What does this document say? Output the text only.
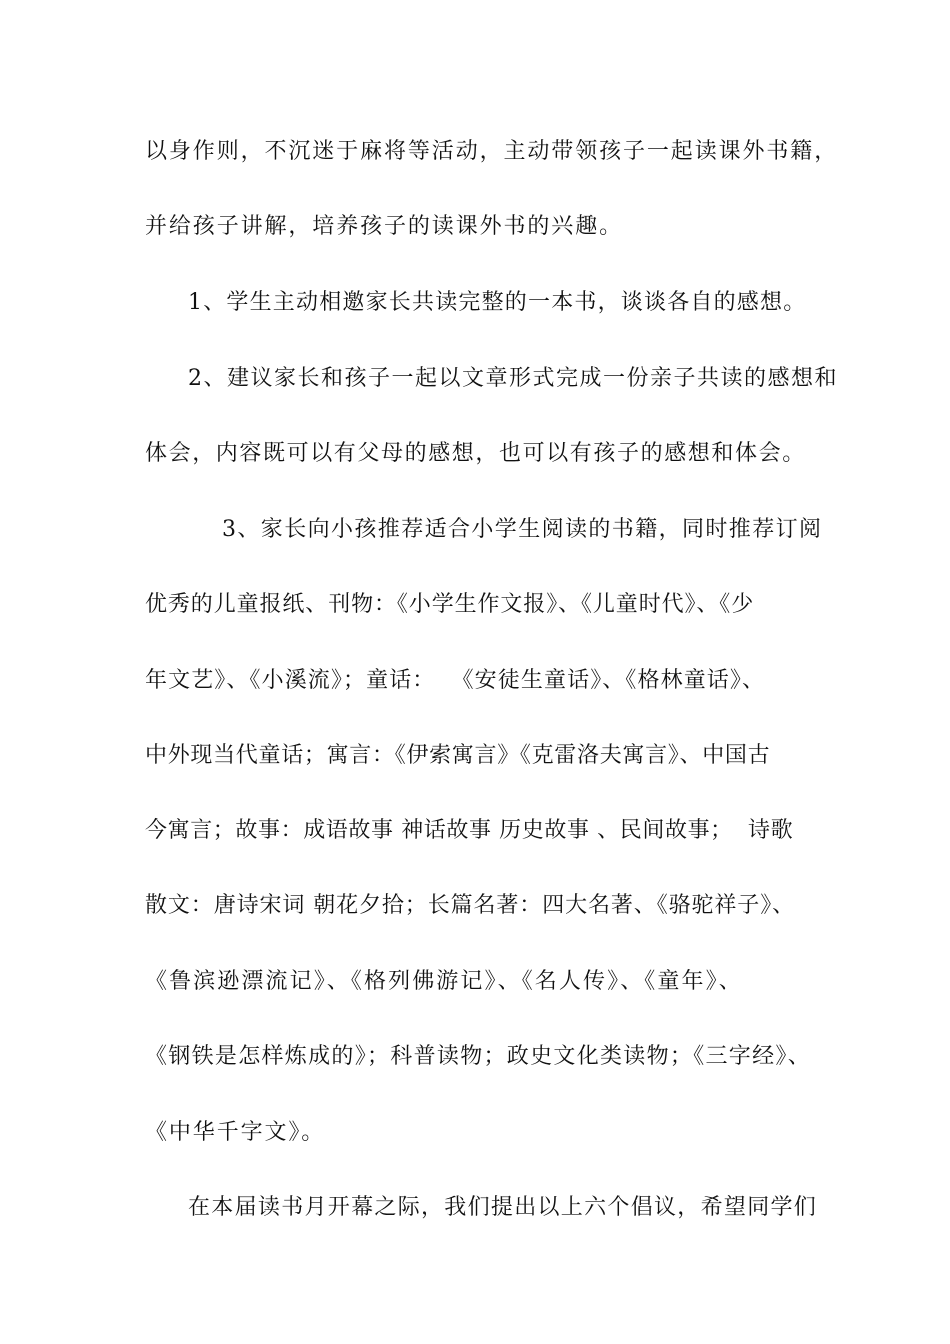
以身作则，不沉迷于麻将等活动，主动带领孩子一起读课外书籍，

并给孩子讲解，培养孩子的读课外书的兴趣。

1、学生主动相邀家长共读完整的一本书，谈谈各自的感想。

2、建议家长和孩子一起以文章形式完成一份亲子共读的感想和

体会，内容既可以有父母的感想，也可以有孩子的感想和体会。

3、家长向小孩推荐适合小学生阅读的书籍，同时推荐订阅

优秀的儿童报纸、刊物：《小学生作文报》、《儿童时代》、《少

年文艺》、《小溪流》；童话：  《安徒生童话》、《格林童话》、

中外现当代童话；寓言：《伊索寓言》《克雷洛夫寓言》、中国古

今寓言；故事：成语故事 神话故事 历史故事 、民间故事；  诗歌

散文：唐诗宋词 朝花夕拾；长篇名著：四大名著、《骆驼祥子》、

《鲁滨逊漂流记》、《格列佛游记》、《名人传》、《童年》、

《钢铁是怎样炼成的》；科普读物；政史文化类读物；《三字经》、

《中华千字文》。

在本届读书月开幕之际，我们提出以上六个倡议，希望同学们
